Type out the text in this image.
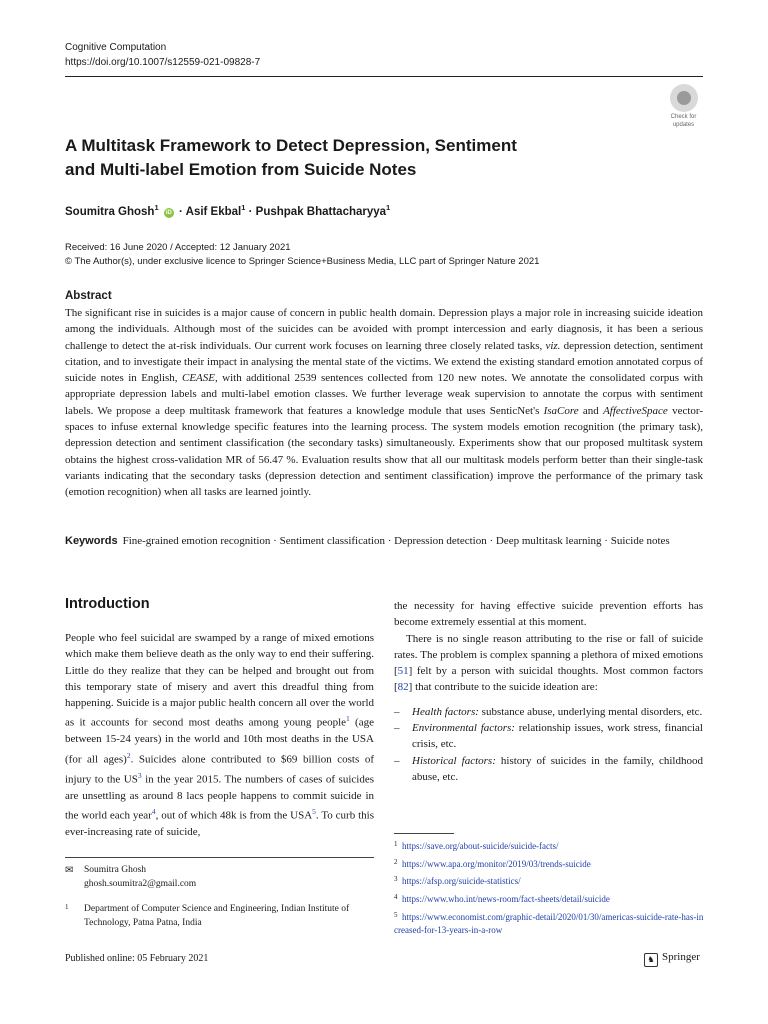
Cognitive Computation
https://doi.org/10.1007/s12559-021-09828-7
Check for
updates
A Multitask Framework to Detect Depression, Sentiment
and Multi-label Emotion from Suicide Notes
Soumitra Ghosh$^1$ iD · Asif Ekbal$^1$ · Pushpak Bhattacharyya$^1$
Received: 16 June 2020 / Accepted: 12 January 2021
© The Author(s), under exclusive licence to Springer Science+Business Media, LLC part of Springer Nature 2021
Abstract
The significant rise in suicides is a major cause of concern in public health domain. Depression plays a major role in increasing suicide ideation among the individuals. Although most of the suicides can be avoided with prompt intercession and early diagnosis, it has been a serious challenge to detect the at-risk individuals. Our current work focuses on learning three closely related tasks, viz. depression detection, sentiment citation, and to investigate their impact in analysing the mental state of the victims. We extend the existing standard emotion annotated corpus of suicide notes in English, CEASE, with additional 2539 sentences collected from 120 new notes. We annotate the consolidated corpus with appropriate depression labels and multi-label emotion classes. We further leverage weak supervision to annotate the corpus with sentiment labels. We propose a deep multitask framework that features a knowledge module that uses SenticNet's IsaCore and AffectiveSpace vector-spaces to infuse external knowledge specific features into the learning process. The system models emotion recognition (the primary task), depression detection and sentiment classification (the secondary tasks) simultaneously. Experiments show that our proposed multitask system obtains the highest cross-validation MR of 56.47 %. Evaluation results show that all our multitask models perform better than their single-task variants indicating that the secondary tasks (depression detection and sentiment classification) improve the performance of the primary task (emotion recognition) when all tasks are learned jointly.
Keywords Fine-grained emotion recognition · Sentiment classification · Depression detection · Deep multitask learning · Suicide notes
Introduction
People who feel suicidal are swamped by a range of mixed emotions which make them believe death as the only way to end their suffering. Little do they realize that they can be helped and brought out from this temporary state of misery and avert this dreadful thing from happening. Suicide is a major public health concern all over the world as it accounts for second most deaths among young people$^1$ (age between 15-24 years) in the world and 10th most deaths in the USA (for all ages)$^2$. Suicides alone contributed to $69 billion costs of injury to the US$^3$ in the year 2015. The numbers of cases of suicides are unsettling as around 8 lacs people happens to commit suicide in the world each year$^4$, out of which 48k is from the USA$^5$. To curb this ever-increasing rate of suicide,

the necessity for having effective suicide prevention efforts has become extremely essential at this moment.

There is no single reason attributing to the rise or fall of suicide rates. The problem is complex spanning a plethora of mixed emotions [51] felt by a person with suicidal thoughts. Most common factors [82] that contribute to the suicide ideation are:

– Health factors: substance abuse, underlying mental disorders, etc.
– Environmental factors: relationship issues, work stress, financial crisis, etc.
– Historical factors: history of suicides in the family, childhood abuse, etc.
1 https://save.org/about-suicide/suicide-facts/
2 https://www.apa.org/monitor/2019/03/trends-suicide
3 https://afsp.org/suicide-statistics/
4 https://www.who.int/news-room/fact-sheets/detail/suicide
5 https://www.economist.com/graphic-detail/2020/01/30/americas-suicide-rate-has-increased-for-13-years-in-a-row
✉ Soumitra Ghosh
ghosh.soumitra2@gmail.com
1	Department of Computer Science and Engineering, Indian Institute of Technology, Patna Patna, India
Published online: 05 February 2021	♞ Springer
